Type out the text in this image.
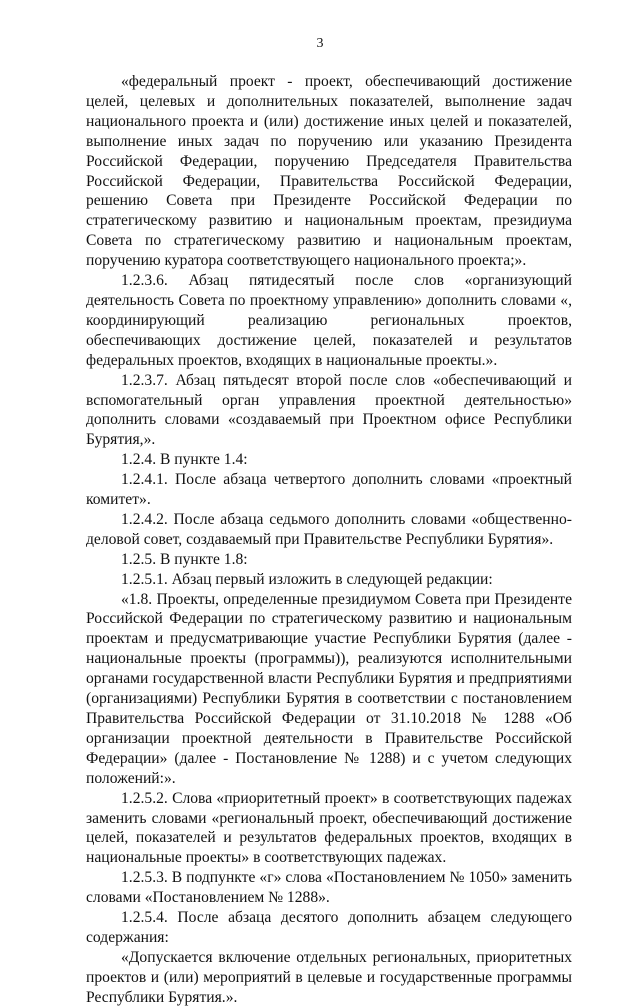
3

«федеральный проект - проект, обеспечивающий достижение целей, целевых и дополнительных показателей, выполнение задач национального проекта и (или) достижение иных целей и показателей, выполнение иных задач по поручению или указанию Президента Российской Федерации, поручению Председателя Правительства Российской Федерации, Правительства Российской Федерации, решению Совета при Президенте Российской Федерации по стратегическому развитию и национальным проектам, президиума Совета по стратегическому развитию и национальным проектам, поручению куратора соответствующего национального проекта;».

1.2.3.6. Абзац пятидесятый после слов «организующий деятельность Совета по проектному управлению» дополнить словами «, координирующий реализацию региональных проектов, обеспечивающих достижение целей, показателей и результатов федеральных проектов, входящих в национальные проекты.».

1.2.3.7. Абзац пятьдесят второй после слов «обеспечивающий и вспомогательный орган управления проектной деятельностью» дополнить словами «создаваемый при Проектном офисе Республики Бурятия,».

1.2.4. В пункте 1.4:

1.2.4.1. После абзаца четвертого дополнить словами «проектный комитет».

1.2.4.2. После абзаца седьмого дополнить словами «общественно-деловой совет, создаваемый при Правительстве Республики Бурятия».

1.2.5. В пункте 1.8:

1.2.5.1. Абзац первый изложить в следующей редакции:

«1.8. Проекты, определенные президиумом Совета при Президенте Российской Федерации по стратегическому развитию и национальным проектам и предусматривающие участие Республики Бурятия (далее - национальные проекты (программы)), реализуются исполнительными органами государственной власти Республики Бурятия и предприятиями (организациями) Республики Бурятия в соответствии с постановлением Правительства Российской Федерации от 31.10.2018 № 1288 «Об организации проектной деятельности в Правительстве Российской Федерации» (далее - Постановление № 1288) и с учетом следующих положений:».

1.2.5.2. Слова «приоритетный проект» в соответствующих падежах заменить словами «региональный проект, обеспечивающий достижение целей, показателей и результатов федеральных проектов, входящих в национальные проекты» в соответствующих падежах.

1.2.5.3. В подпункте «г» слова «Постановлением № 1050» заменить словами «Постановлением № 1288».

1.2.5.4. После абзаца десятого дополнить абзацем следующего содержания:

«Допускается включение отдельных региональных, приоритетных проектов и (или) мероприятий в целевые и государственные программы Республики Бурятия.».
